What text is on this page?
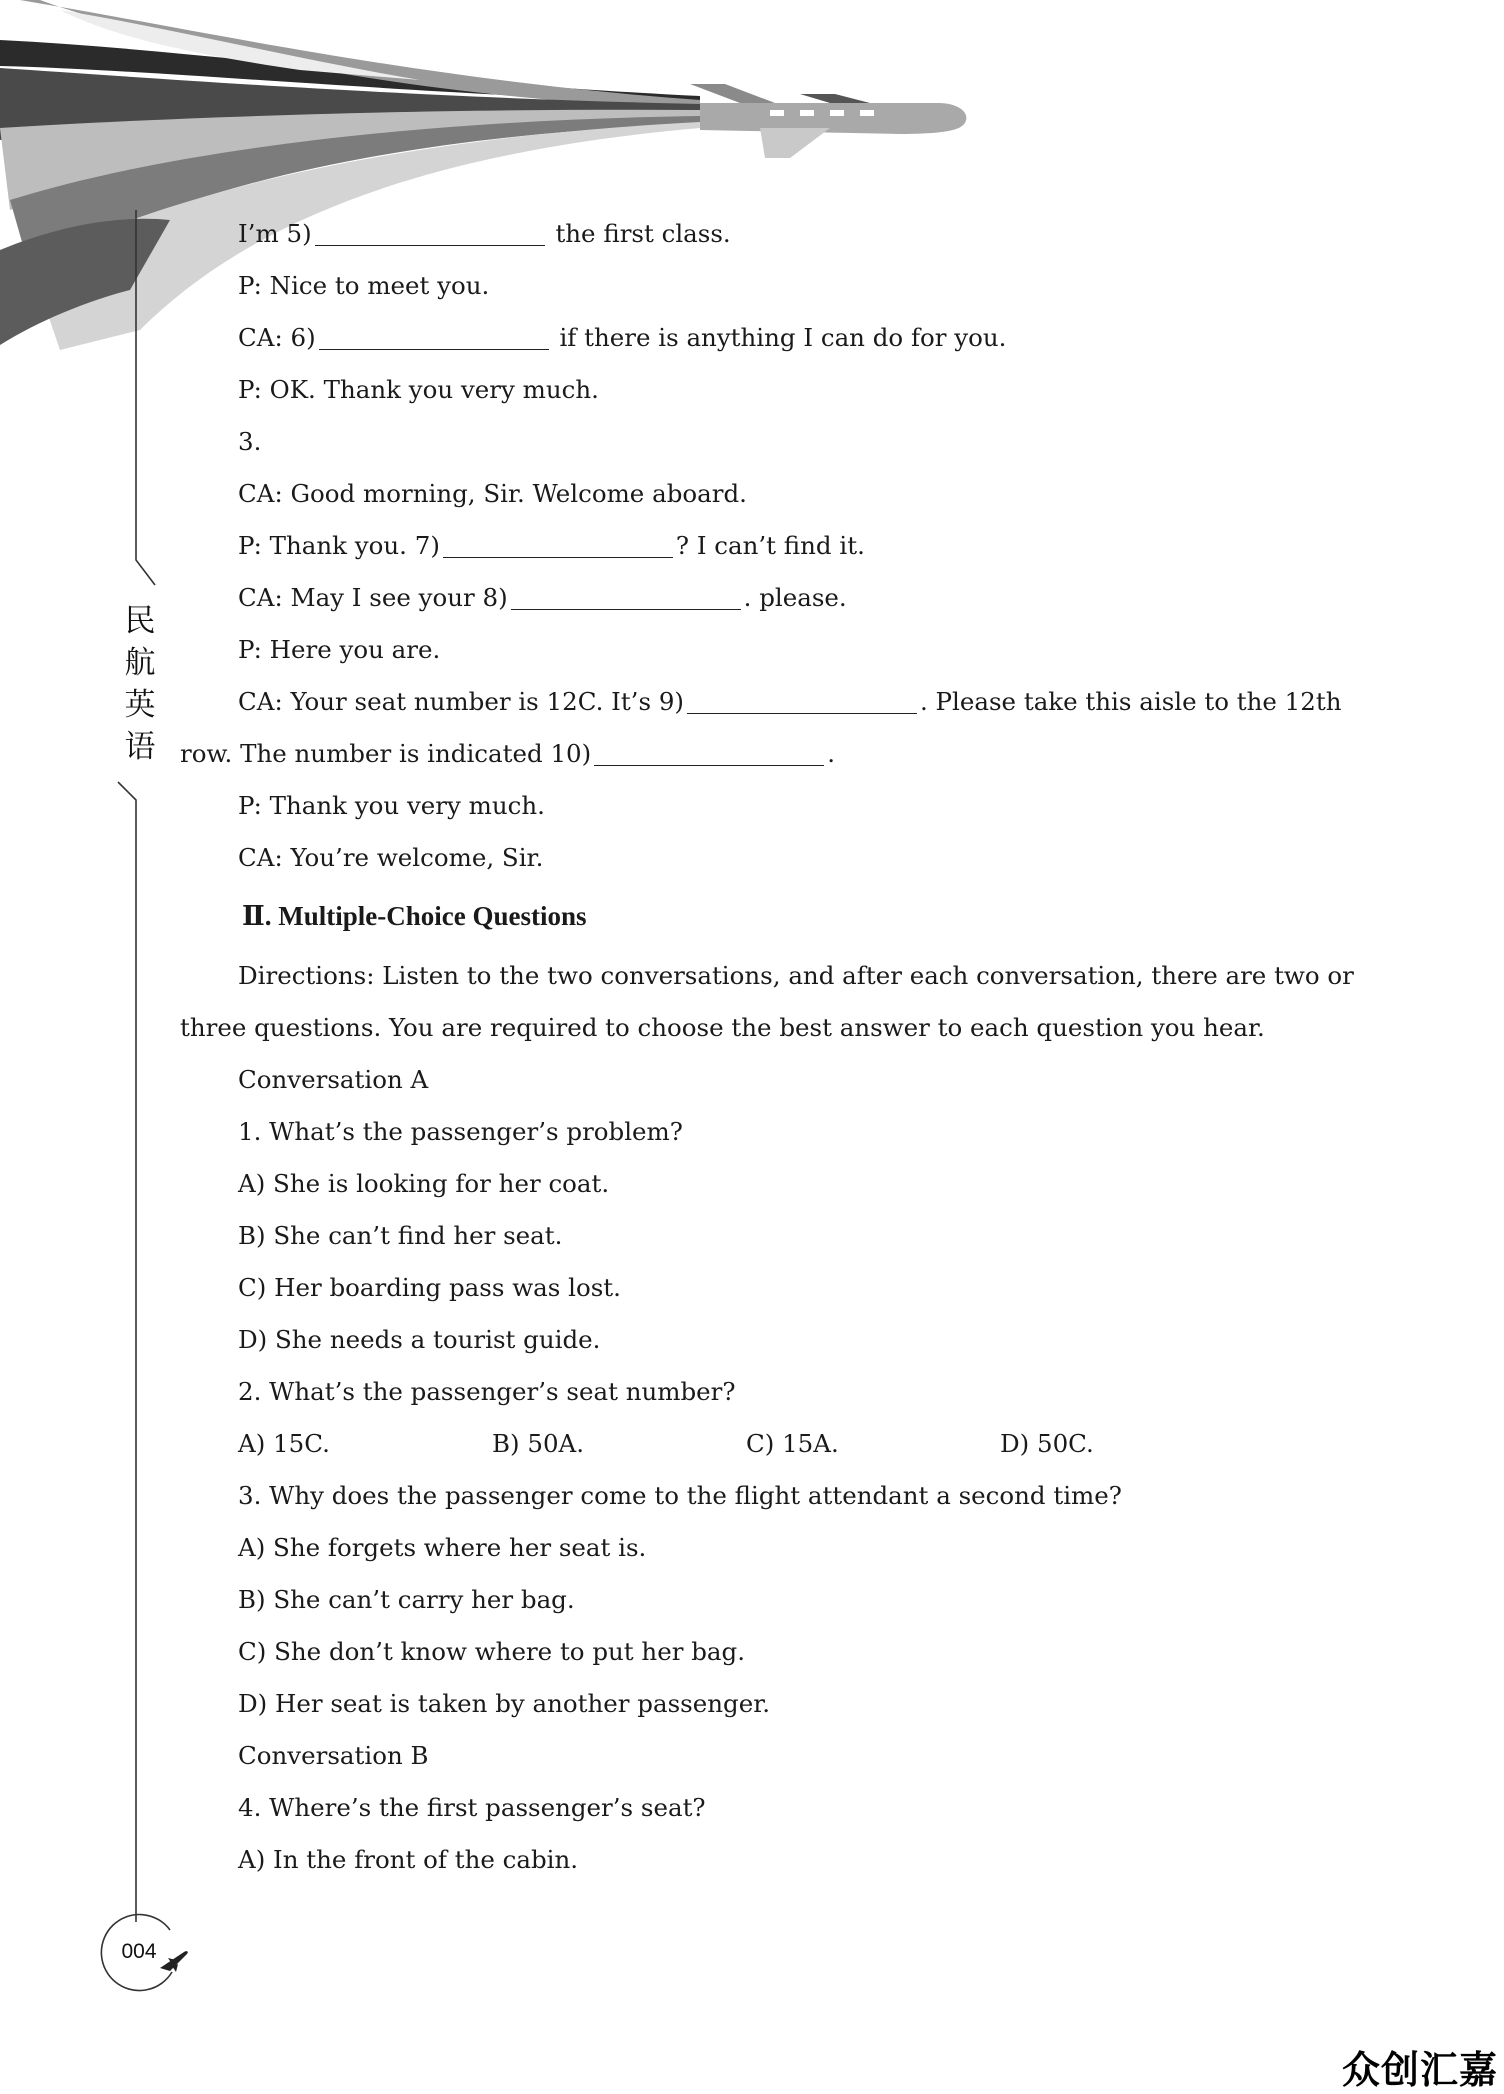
民
航
英
语
004
I’m 5)	the first class.
P: Nice to meet you.
CA: 6)	if there is anything I can do for you.
P: OK. Thank you very much.
3.
CA: Good morning, Sir. Welcome aboard.
P: Thank you. 7)	? I can’t find it.
CA: May I see your 8)	. please.
P: Here you are.
CA: Your seat number is 12C. It’s 9)	. Please take this aisle to the 12th
row. The number is indicated 10)	.
P: Thank you very much.
CA: You’re welcome, Sir.
Ⅱ. Multiple-Choice Questions
Directions: Listen to the two conversations, and after each conversation, there are two or
three questions. You are required to choose the best answer to each question you hear.
Conversation A
1. What’s the passenger’s problem?
A) She is looking for her coat.
B) She can’t find her seat.
C) Her boarding pass was lost.
D) She needs a tourist guide.
2. What’s the passenger’s seat number?
A) 15C.	B) 50A.	C) 15A.	D) 50C.
3. Why does the passenger come to the flight attendant a second time?
A) She forgets where her seat is.
B) She can’t carry her bag.
C) She don’t know where to put her bag.
D) Her seat is taken by another passenger.
Conversation B
4. Where’s the first passenger’s seat?
A) In the front of the cabin.
众创汇嘉
